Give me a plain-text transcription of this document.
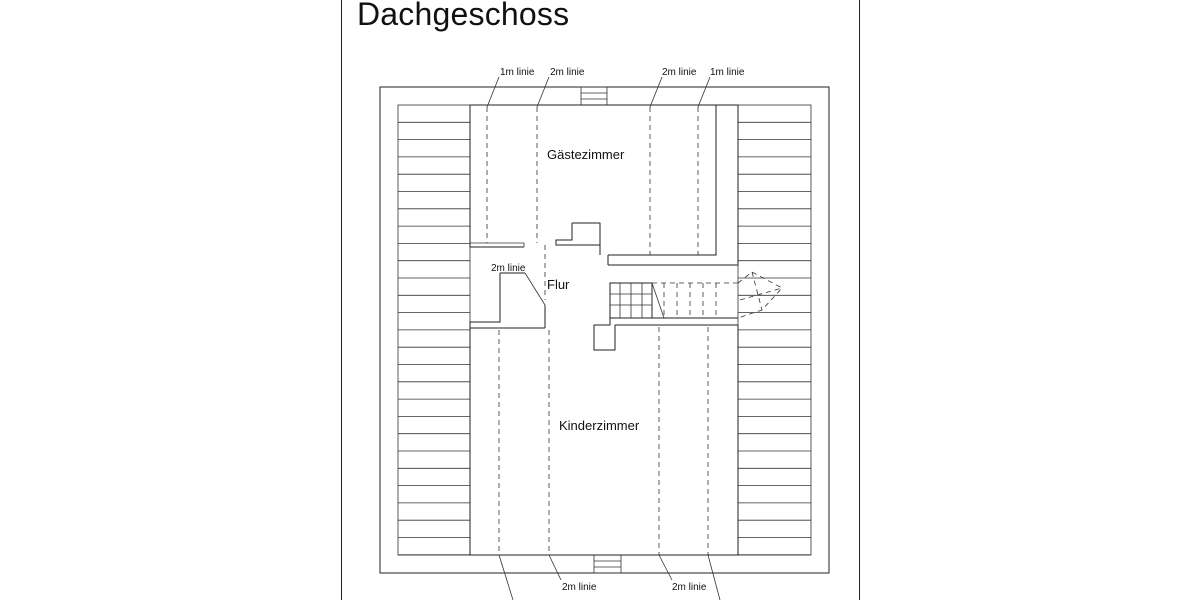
Dachgeschoss
1m linie 2m linie	2m linie 1m linie
2m linie
2m linie	2m linie
Gästezimmer
Flur
Kinderzimmer
